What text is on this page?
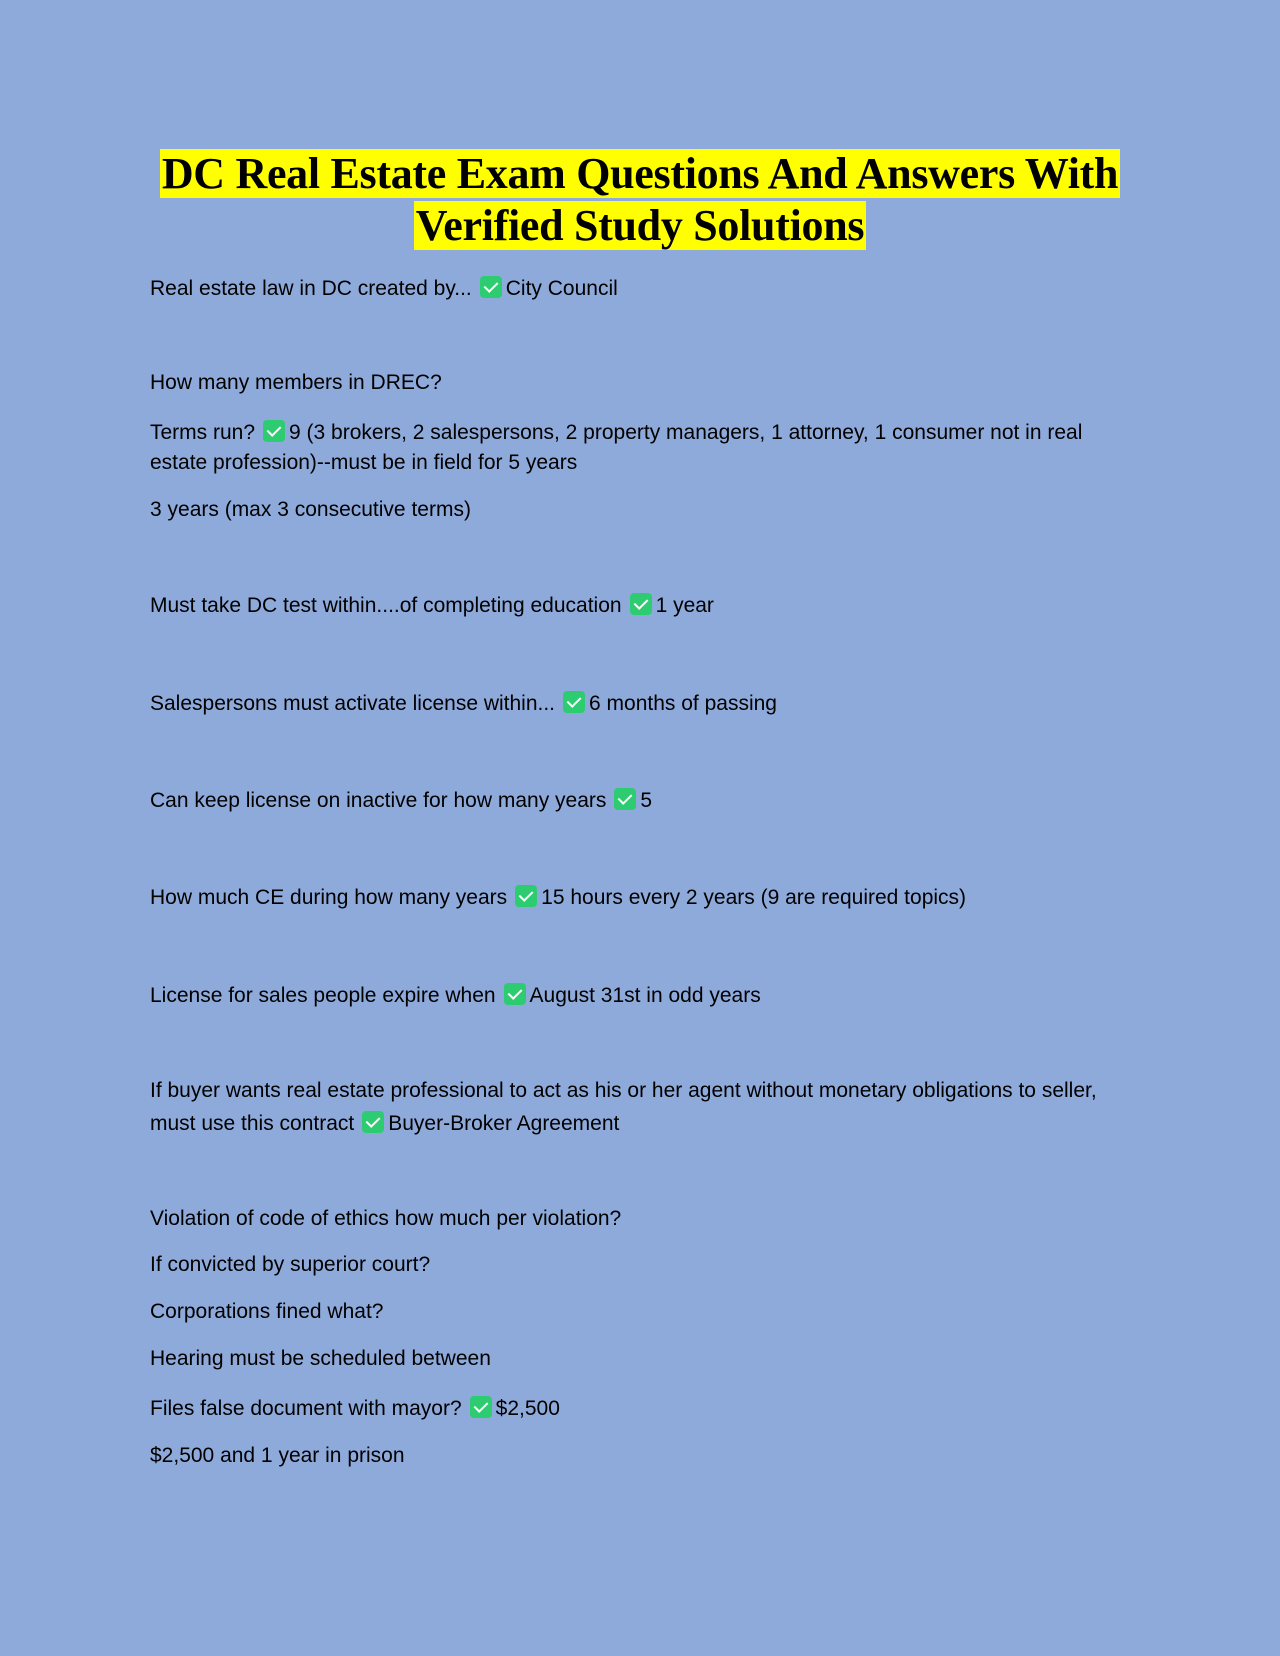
DC Real Estate Exam Questions And Answers With
Verified Study Solutions
Real estate law in DC created by... City Council
How many members in DREC?
Terms run? 9 (3 brokers, 2 salespersons, 2 property managers, 1 attorney, 1 consumer not in real
estate profession)--must be in field for 5 years
3 years (max 3 consecutive terms)
Must take DC test within....of completing education 1 year
Salespersons must activate license within... 6 months of passing
Can keep license on inactive for how many years 5
How much CE during how many years 15 hours every 2 years (9 are required topics)
License for sales people expire when August 31st in odd years
If buyer wants real estate professional to act as his or her agent without monetary obligations to seller,
must use this contract Buyer-Broker Agreement
Violation of code of ethics how much per violation?
If convicted by superior court?
Corporations fined what?
Hearing must be scheduled between
Files false document with mayor? $2,500
$2,500 and 1 year in prison
